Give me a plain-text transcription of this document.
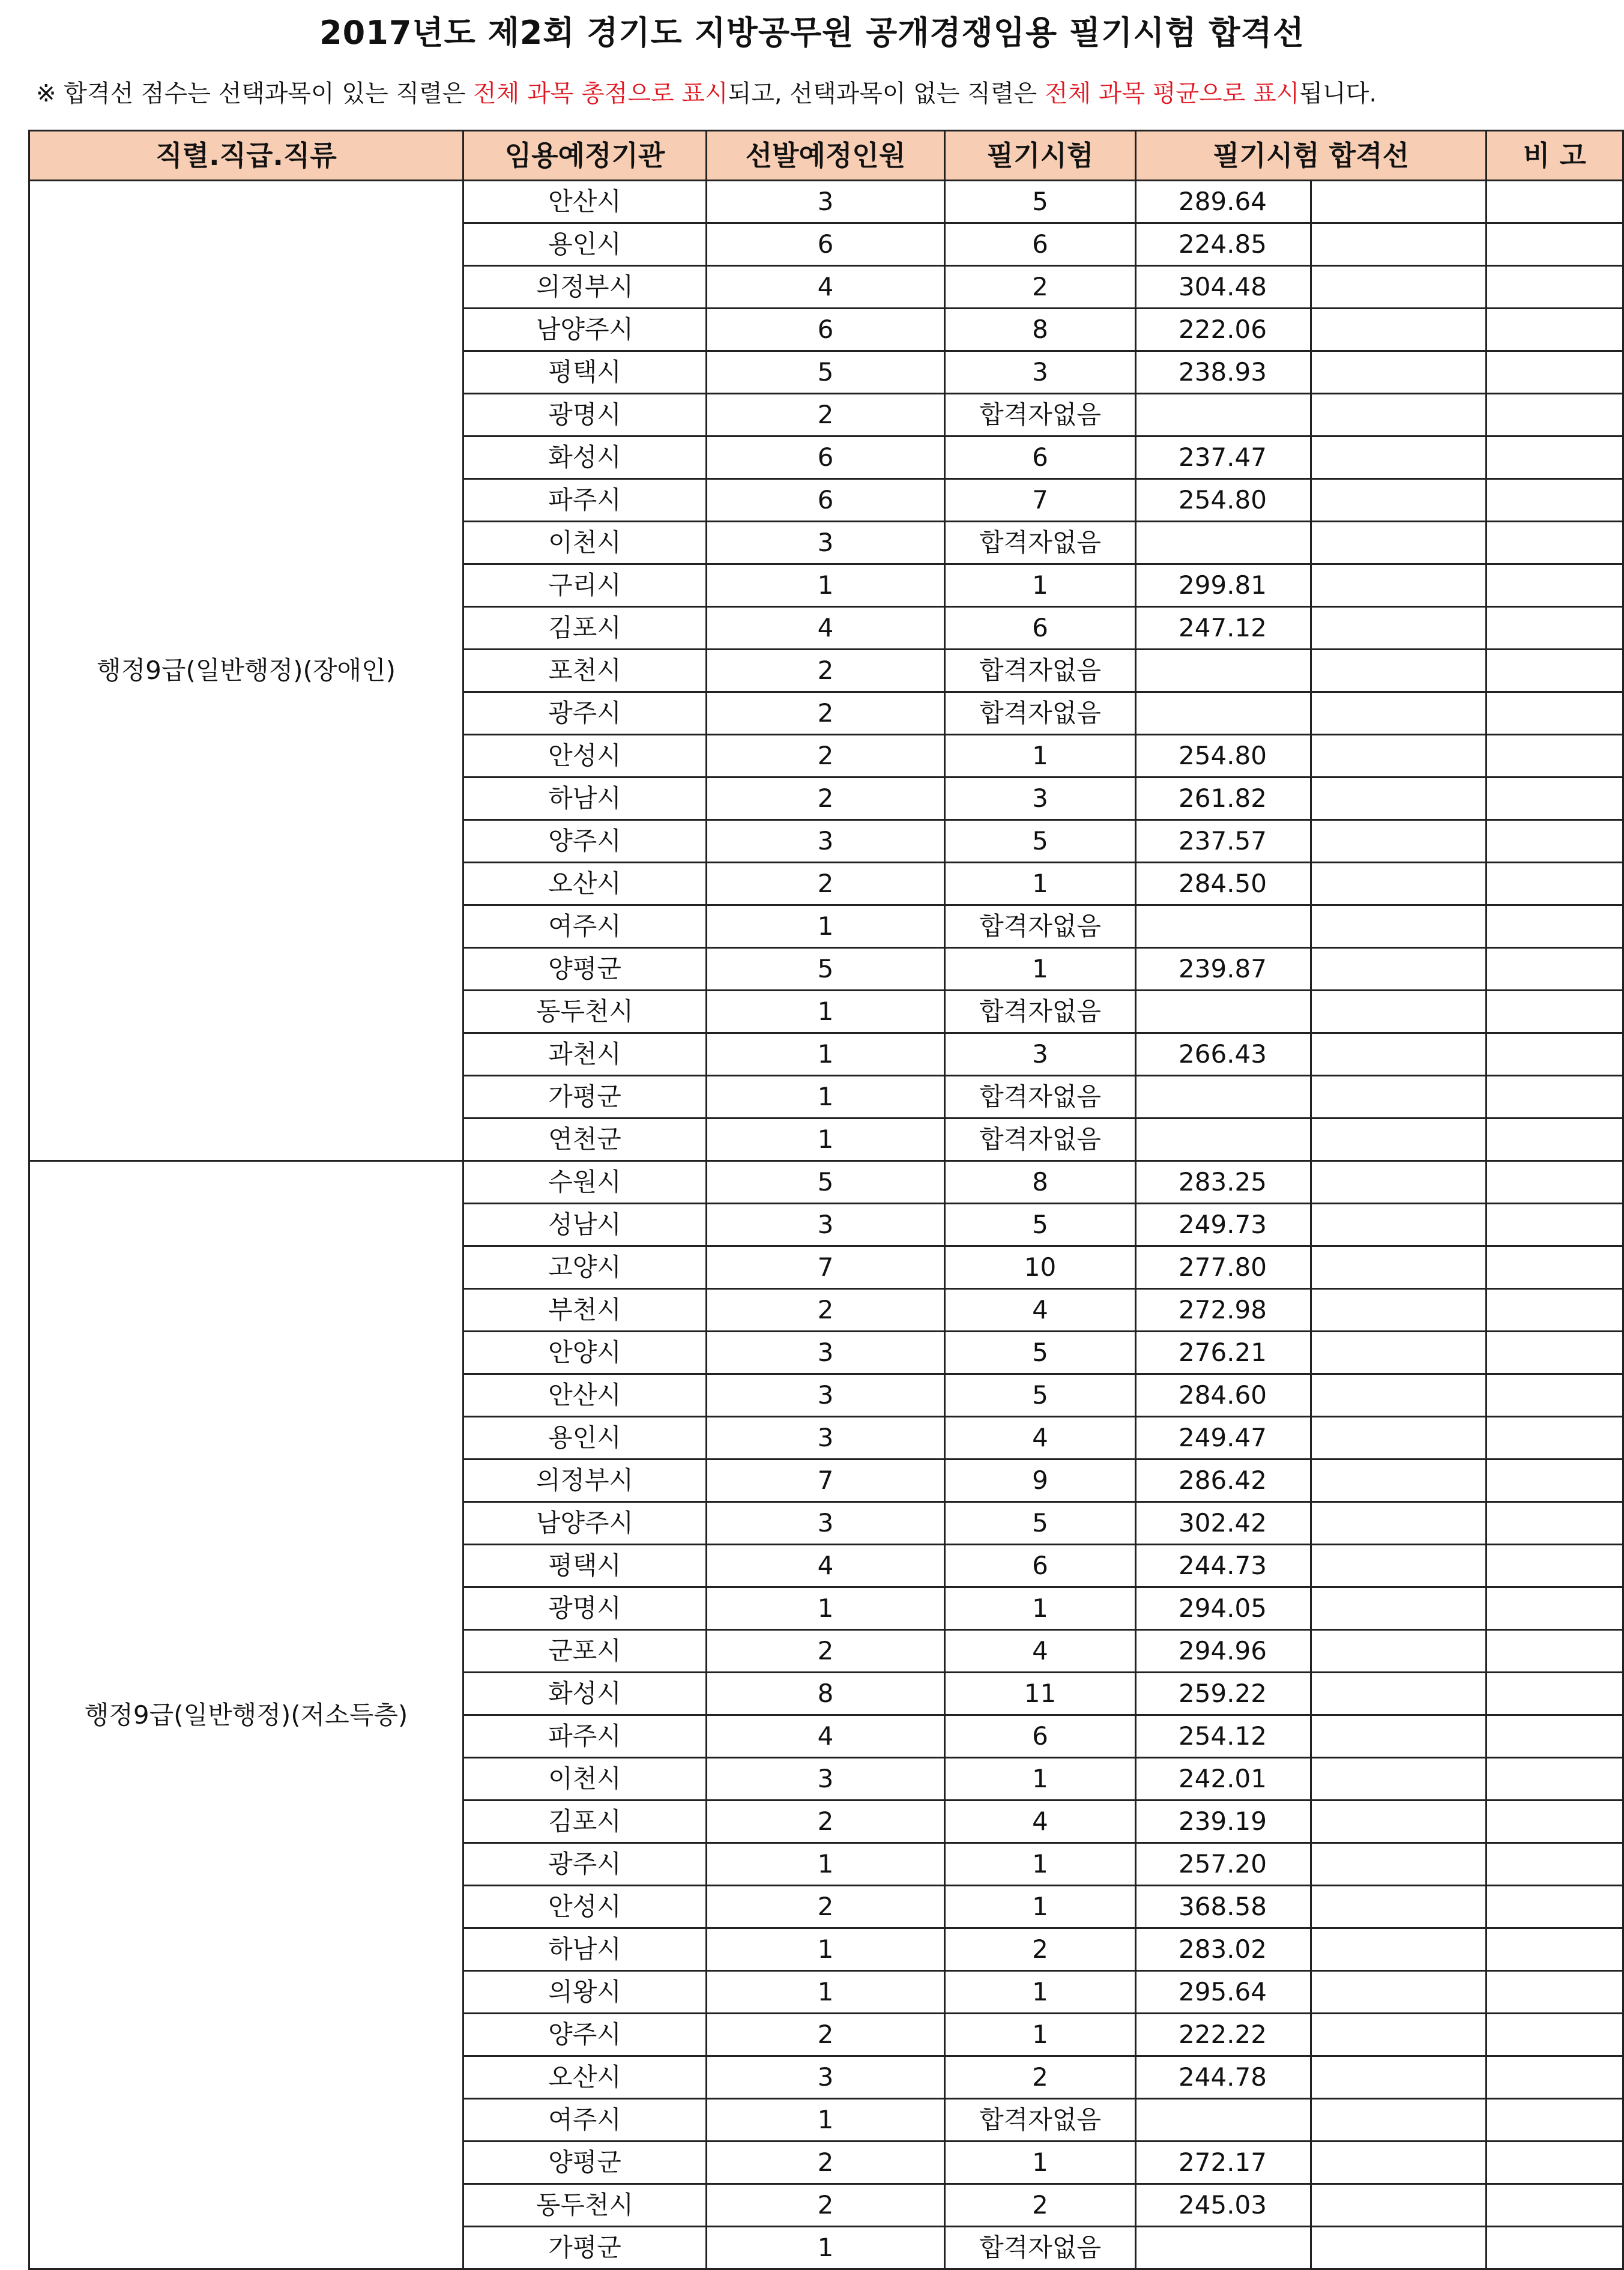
2017년도 제2회 경기도 지방공무원 공개경쟁임용 필기시험 합격선
※ 합격선 점수는 선택과목이 있는 직렬은 전체 과목 총점으로 표시되고, 선택과목이 없는 직렬은 전체 과목 평균으로 표시됩니다.
직렬.직급.직류	임용예정기관	선발예정인원	필기시험	필기시험 합격선		비 고
행정9급(일반행정)(장애인)	안산시	3	5	289.64		
	용인시	6	6	224.85		
	의정부시	4	2	304.48		
	남양주시	6	8	222.06		
	평택시	5	3	238.93		
	광명시	2	합격자없음			
	화성시	6	6	237.47		
	파주시	6	7	254.80		
	이천시	3	합격자없음			
	구리시	1	1	299.81		
	김포시	4	6	247.12		
	포천시	2	합격자없음			
	광주시	2	합격자없음			
	안성시	2	1	254.80		
	하남시	2	3	261.82		
	양주시	3	5	237.57		
	오산시	2	1	284.50		
	여주시	1	합격자없음			
	양평군	5	1	239.87		
	동두천시	1	합격자없음			
	과천시	1	3	266.43		
	가평군	1	합격자없음			
	연천군	1	합격자없음			
행정9급(일반행정)(저소득층)	수원시	5	8	283.25		
	성남시	3	5	249.73		
	고양시	7	10	277.80		
	부천시	2	4	272.98		
	안양시	3	5	276.21		
	안산시	3	5	284.60		
	용인시	3	4	249.47		
	의정부시	7	9	286.42		
	남양주시	3	5	302.42		
	평택시	4	6	244.73		
	광명시	1	1	294.05		
	군포시	2	4	294.96		
	화성시	8	11	259.22		
	파주시	4	6	254.12		
	이천시	3	1	242.01		
	김포시	2	4	239.19		
	광주시	1	1	257.20		
	안성시	2	1	368.58		
	하남시	1	2	283.02		
	의왕시	1	1	295.64		
	양주시	2	1	222.22		
	오산시	3	2	244.78		
	여주시	1	합격자없음			
	양평군	2	1	272.17		
	동두천시	2	2	245.03		
	가평군	1	합격자없음			
